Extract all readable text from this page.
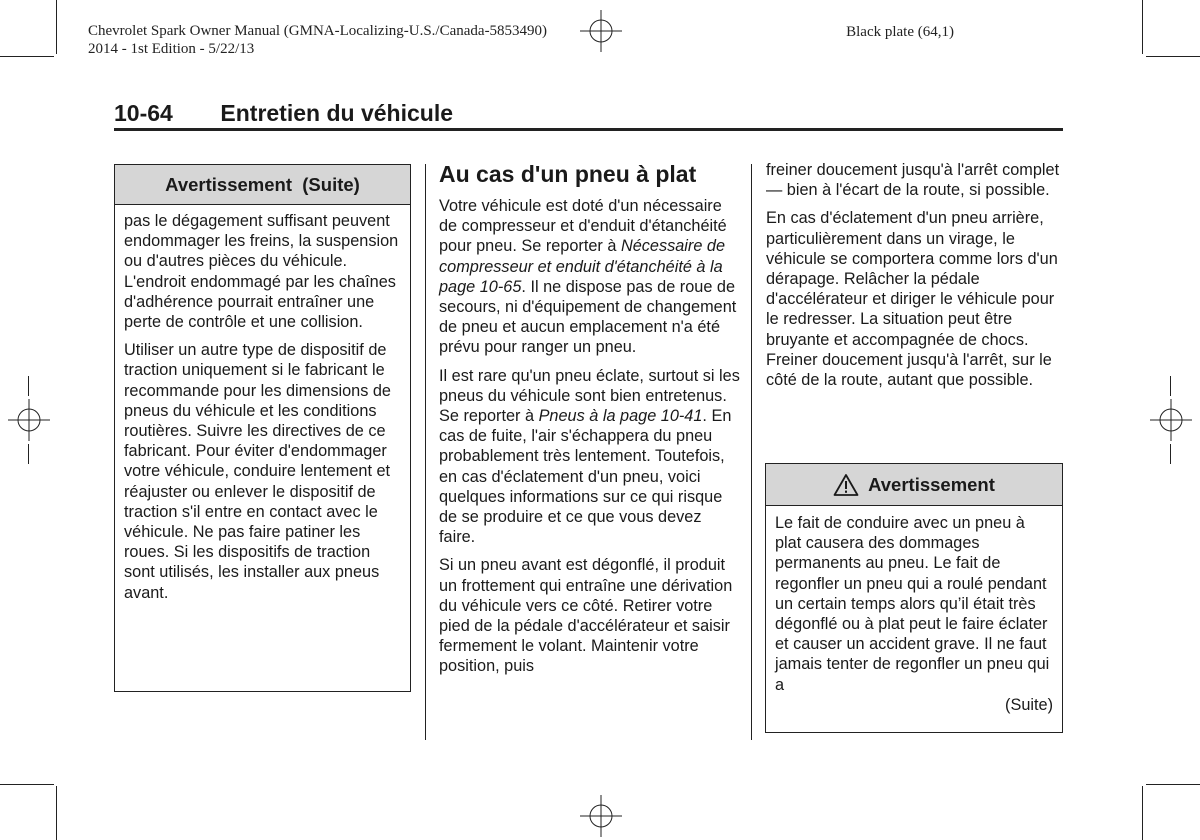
Chevrolet Spark Owner Manual (GMNA-Localizing-U.S./Canada-5853490)
2014 - 1st Edition - 5/22/13
Black plate (64,1)
10-64 Entretien du véhicule
Avertissement  (Suite)

pas le dégagement suffisant peuvent endommager les freins, la suspension ou d'autres pièces du véhicule. L'endroit endommagé par les chaînes d'adhérence pourrait entraîner une perte de contrôle et une collision.

Utiliser un autre type de dispositif de traction uniquement si le fabricant le recommande pour les dimensions de pneus du véhicule et les conditions routières. Suivre les directives de ce fabricant. Pour éviter d'endommager votre véhicule, conduire lentement et réajuster ou enlever le dispositif de traction s'il entre en contact avec le véhicule. Ne pas faire patiner les roues. Si les dispositifs de traction sont utilisés, les installer aux pneus avant.

Au cas d'un pneu à plat

Votre véhicule est doté d'un nécessaire de compresseur et d'enduit d'étanchéité pour pneu. Se reporter à Nécessaire de compresseur et enduit d'étanchéité à la page 10-65. Il ne dispose pas de roue de secours, ni d'équipement de changement de pneu et aucun emplacement n'a été prévu pour ranger un pneu.

Il est rare qu'un pneu éclate, surtout si les pneus du véhicule sont bien entretenus. Se reporter à Pneus à la page 10-41. En cas de fuite, l'air s'échappera du pneu probablement très lentement. Toutefois, en cas d'éclatement d'un pneu, voici quelques informations sur ce qui risque de se produire et ce que vous devez faire.

Si un pneu avant est dégonflé, il produit un frottement qui entraîne une dérivation du véhicule vers ce côté. Retirer votre pied de la pédale d'accélérateur et saisir fermement le volant. Maintenir votre position, puis

freiner doucement jusqu'à l'arrêt complet — bien à l'écart de la route, si possible.

En cas d'éclatement d'un pneu arrière, particulièrement dans un virage, le véhicule se comportera comme lors d'un dérapage. Relâcher la pédale d'accélérateur et diriger le véhicule pour le redresser. La situation peut être bruyante et accompagnée de chocs. Freiner doucement jusqu'à l'arrêt, sur le côté de la route, autant que possible.

Avertissement

Le fait de conduire avec un pneu à plat causera des dommages permanents au pneu. Le fait de regonfler un pneu qui a roulé pendant un certain temps alors qu’il était très dégonflé ou à plat peut le faire éclater et causer un accident grave. Il ne faut jamais tenter de regonfler un pneu qui a

(Suite)
